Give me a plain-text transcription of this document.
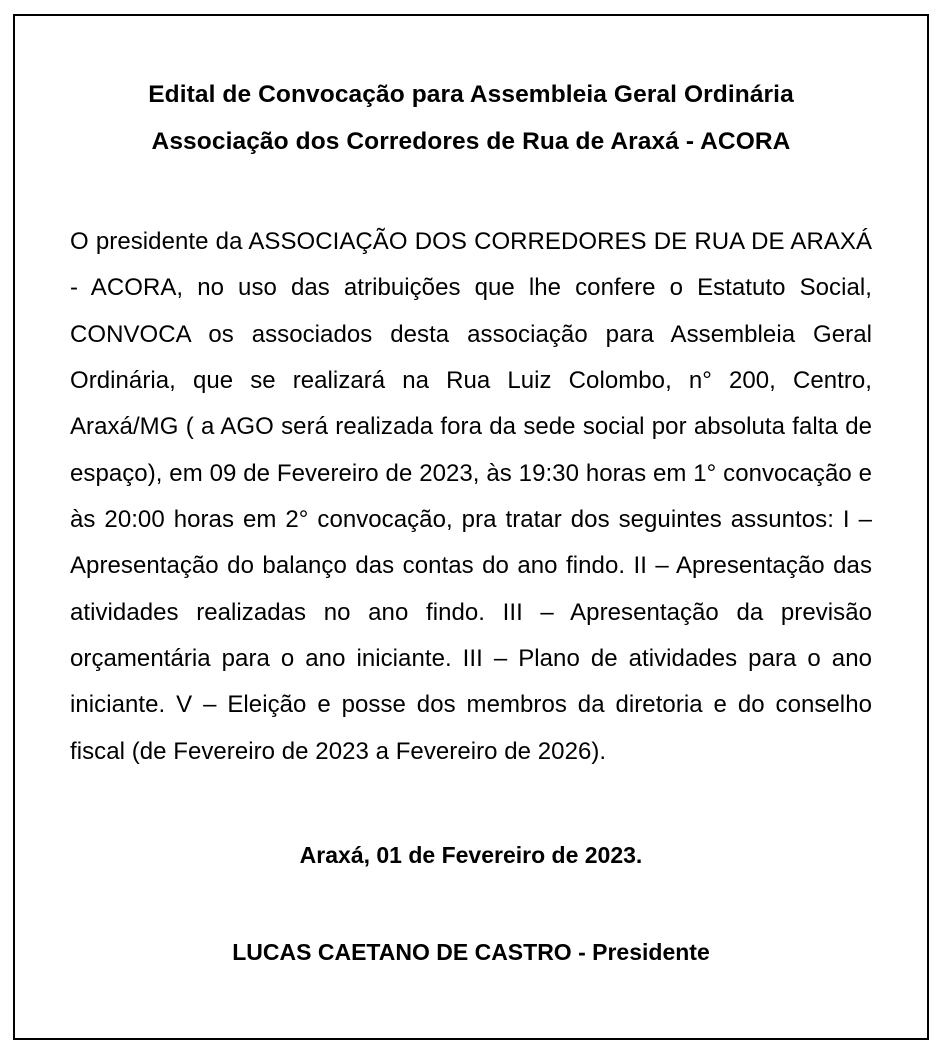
Edital de Convocação para Assembleia Geral Ordinária
Associação dos Corredores de Rua de Araxá - ACORA
O presidente da ASSOCIAÇÃO DOS CORREDORES DE RUA DE ARAXÁ - ACORA, no uso das atribuições que lhe confere o Estatuto Social, CONVOCA os associados desta associação para Assembleia Geral Ordinária, que se realizará na Rua Luiz Colombo, n° 200, Centro, Araxá/MG ( a AGO será realizada fora da sede social por absoluta falta de espaço), em 09 de Fevereiro de 2023, às 19:30 horas em 1° convocação e às 20:00 horas em 2° convocação, pra tratar dos seguintes assuntos: I – Apresentação do balanço das contas do ano findo. II – Apresentação das atividades realizadas no ano findo. III – Apresentação da previsão orçamentária para o ano iniciante. III – Plano de atividades para o ano iniciante. V – Eleição e posse dos membros da diretoria e do conselho fiscal (de Fevereiro de 2023 a Fevereiro de 2026).
Araxá, 01 de Fevereiro de 2023.
LUCAS CAETANO DE CASTRO - Presidente
